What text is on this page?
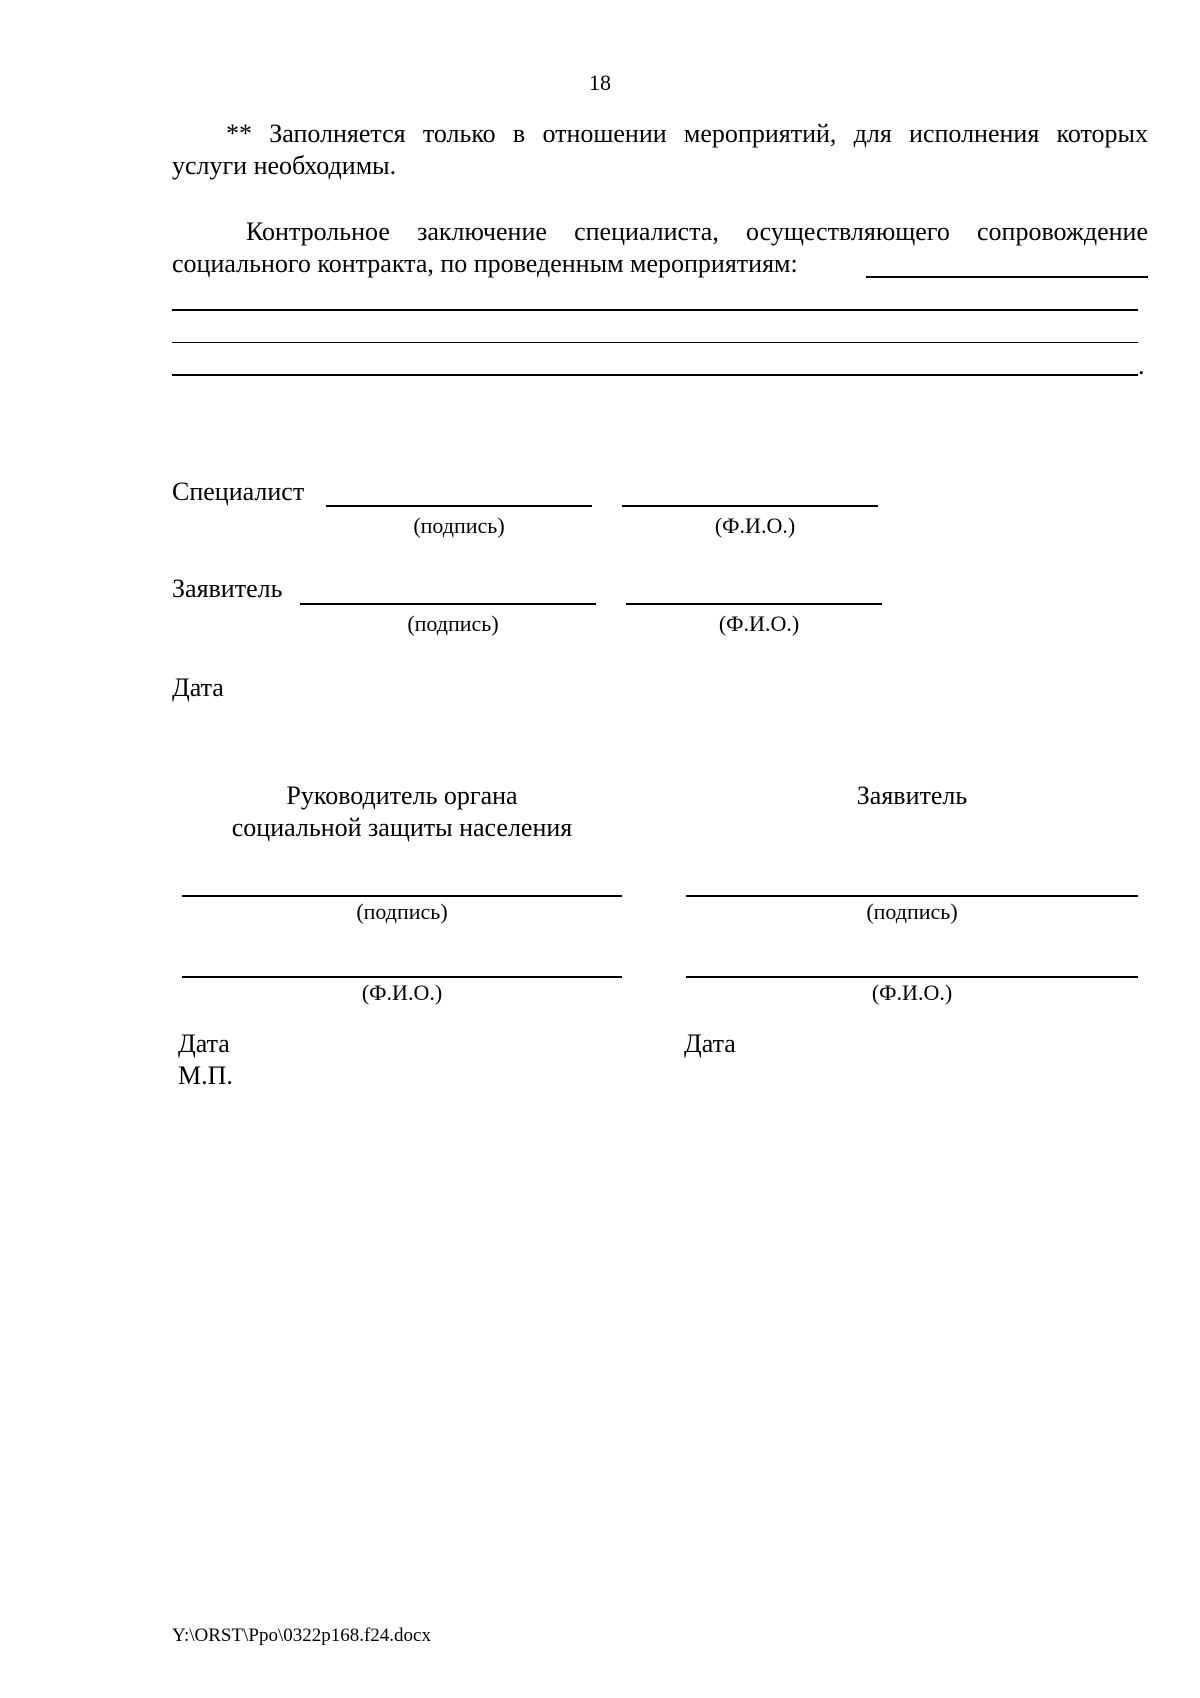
18
** Заполняется только в отношении мероприятий, для исполнения которых
услуги необходимы.
Контрольное заключение специалиста, осуществляющего сопровождение
социального контракта, по проведенным мероприятиям:
.
Специалист
(подпись)	(Ф.И.О.)
Заявитель
(подпись)	(Ф.И.О.)
Дата
Руководитель органа
социальной защиты населения
(подпись)
(Ф.И.О.)
Дата
М.П.
Заявитель
(подпись)
(Ф.И.О.)
Дата
Y:\ORST\Ppo\0322p168.f24.docx
